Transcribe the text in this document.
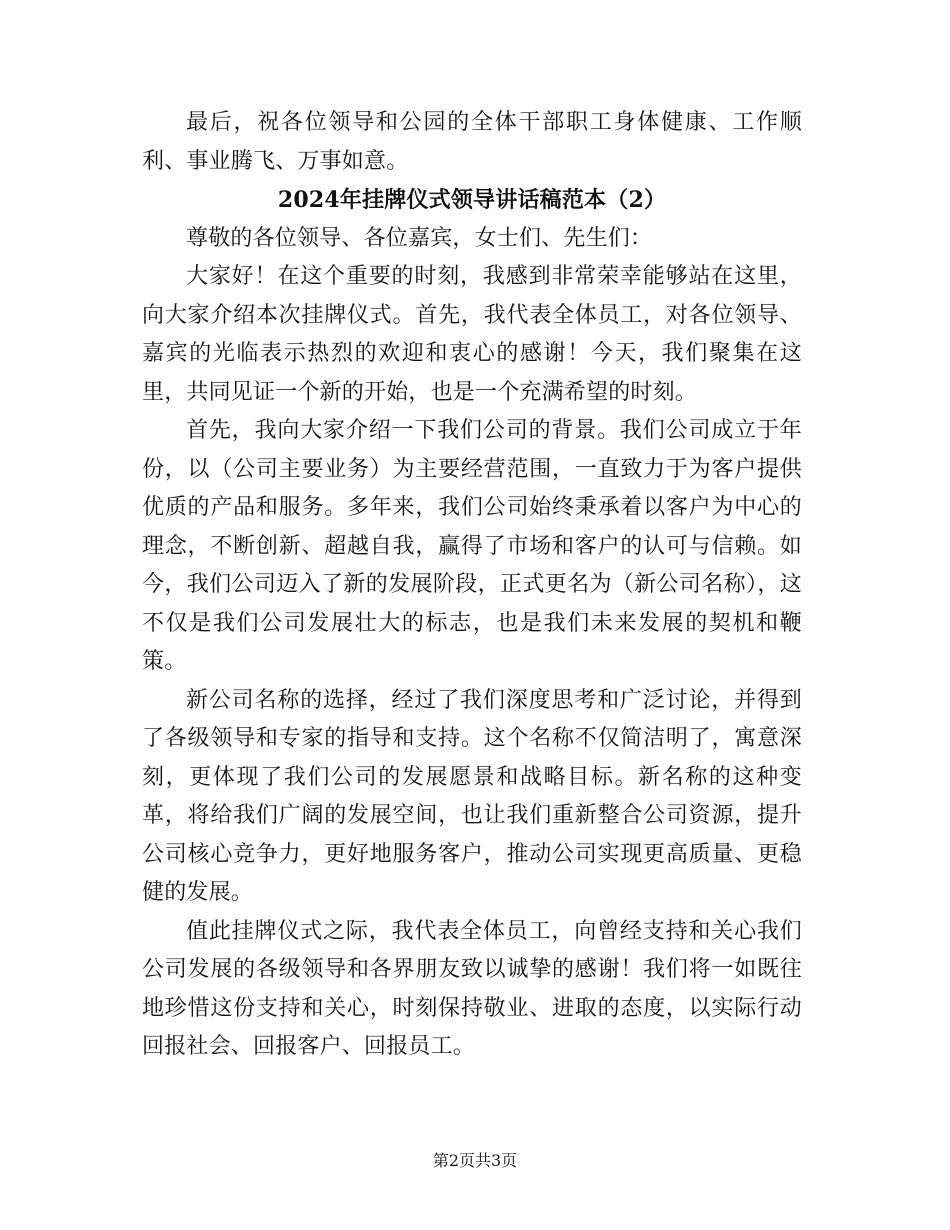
最后，祝各位领导和公园的全体干部职工身体健康、工作顺利、事业腾飞、万事如意。

2024年挂牌仪式领导讲话稿范本（2）

尊敬的各位领导、各位嘉宾，女士们、先生们：

大家好！在这个重要的时刻，我感到非常荣幸能够站在这里，向大家介绍本次挂牌仪式。首先，我代表全体员工，对各位领导、嘉宾的光临表示热烈的欢迎和衷心的感谢！今天，我们聚集在这里，共同见证一个新的开始，也是一个充满希望的时刻。

首先，我向大家介绍一下我们公司的背景。我们公司成立于年份，以（公司主要业务）为主要经营范围，一直致力于为客户提供优质的产品和服务。多年来，我们公司始终秉承着以客户为中心的理念，不断创新、超越自我，赢得了市场和客户的认可与信赖。如今，我们公司迈入了新的发展阶段，正式更名为（新公司名称），这不仅是我们公司发展壮大的标志，也是我们未来发展的契机和鞭策。

新公司名称的选择，经过了我们深度思考和广泛讨论，并得到了各级领导和专家的指导和支持。这个名称不仅简洁明了，寓意深刻，更体现了我们公司的发展愿景和战略目标。新名称的这种变革，将给我们广阔的发展空间，也让我们重新整合公司资源，提升公司核心竞争力，更好地服务客户，推动公司实现更高质量、更稳健的发展。

值此挂牌仪式之际，我代表全体员工，向曾经支持和关心我们公司发展的各级领导和各界朋友致以诚挚的感谢！我们将一如既往地珍惜这份支持和关心，时刻保持敬业、进取的态度，以实际行动回报社会、回报客户、回报员工。

第2页共3页
